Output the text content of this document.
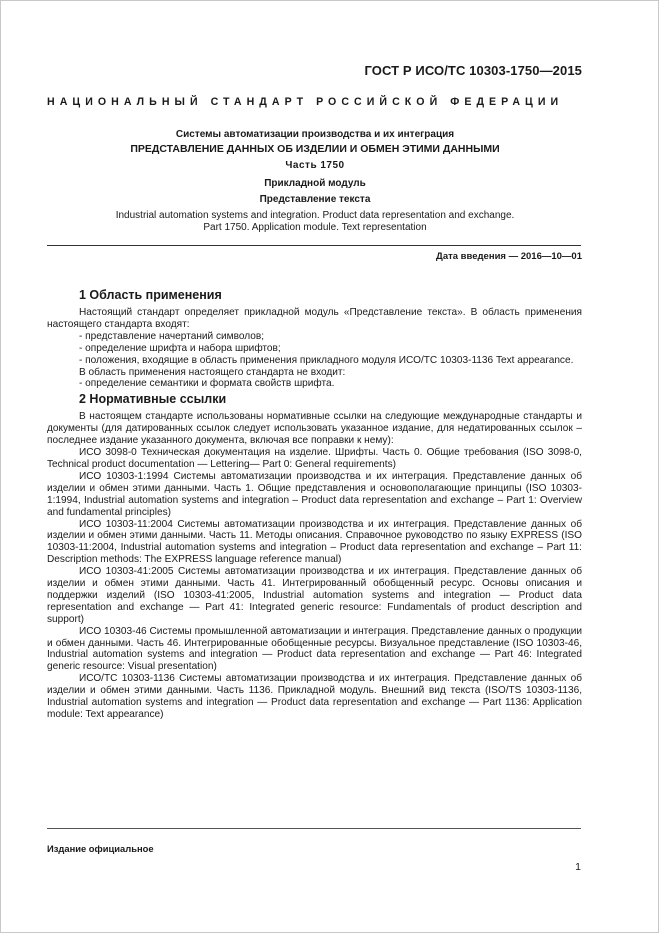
ГОСТ Р ИСО/ТС 10303-1750—2015
НАЦИОНАЛЬНЫЙ СТАНДАРТ РОССИЙСКОЙ ФЕДЕРАЦИИ
Системы автоматизации производства и их интеграция
ПРЕДСТАВЛЕНИЕ ДАННЫХ ОБ ИЗДЕЛИИ И ОБМЕН ЭТИМИ ДАННЫМИ
Часть 1750
Прикладной модуль
Представление текста
Industrial automation systems and integration. Product data representation and exchange.
Part 1750. Application module. Text representation
Дата введения — 2016—10—01
1 Область применения

Настоящий стандарт определяет прикладной модуль «Представление текста». В область применения настоящего стандарта входят:

- представление начертаний символов;

- определение шрифта и набора шрифтов;

- положения, входящие в область применения прикладного модуля ИСО/ТС 10303-1136 Text appearance.

В область применения настоящего стандарта не входит:

- определение семантики и формата свойств шрифта.

2 Нормативные ссылки

В настоящем стандарте использованы нормативные ссылки на следующие международные стандарты и документы (для датированных ссылок следует использовать указанное издание, для недатированных ссылок – последнее издание указанного документа, включая все поправки к нему):

ИСО 3098-0 Техническая документация на изделие. Шрифты. Часть 0. Общие требования (ISO 3098-0, Technical product documentation — Lettering— Part 0: General requirements)

ИСО 10303-1:1994 Системы автоматизации производства и их интеграция. Представление данных об изделии и обмен этими данными. Часть 1. Общие представления и основополагающие принципы (ISO 10303-1:1994, Industrial automation systems and integration – Product data representation and exchange – Part 1: Overview and fundamental principles)

ИСО 10303-11:2004 Системы автоматизации производства и их интеграция. Представление данных об изделии и обмен этими данными. Часть 11. Методы описания. Справочное руководство по языку EXPRESS (ISO 10303-11:2004, Industrial automation systems and integration – Product data representation and exchange – Part 11: Description methods: The EXPRESS language reference manual)

ИСО 10303-41:2005 Системы автоматизации производства и их интеграция. Представление данных об изделии и обмен этими данными. Часть 41. Интегрированный обобщенный ресурс. Основы описания и поддержки изделий (ISO 10303-41:2005, Industrial automation systems and integration — Product data representation and exchange — Part 41: Integrated generic resource: Fundamentals of product description and support)

ИСО 10303-46 Системы промышленной автоматизации и интеграция. Представление данных о продукции и обмен данными. Часть 46. Интегрированные обобщенные ресурсы. Визуальное представление (ISO 10303-46, Industrial automation systems and integration — Product data representation and exchange — Part 46: Integrated generic resource: Visual presentation)

ИСО/ТС 10303-1136 Системы автоматизации производства и их интеграция. Представление данных об изделии и обмен этими данными. Часть 1136. Прикладной модуль. Внешний вид текста (ISO/TS 10303-1136, Industrial automation systems and integration — Product data representation and exchange — Part 1136: Application module: Text appearance)

Издание официальное
1
